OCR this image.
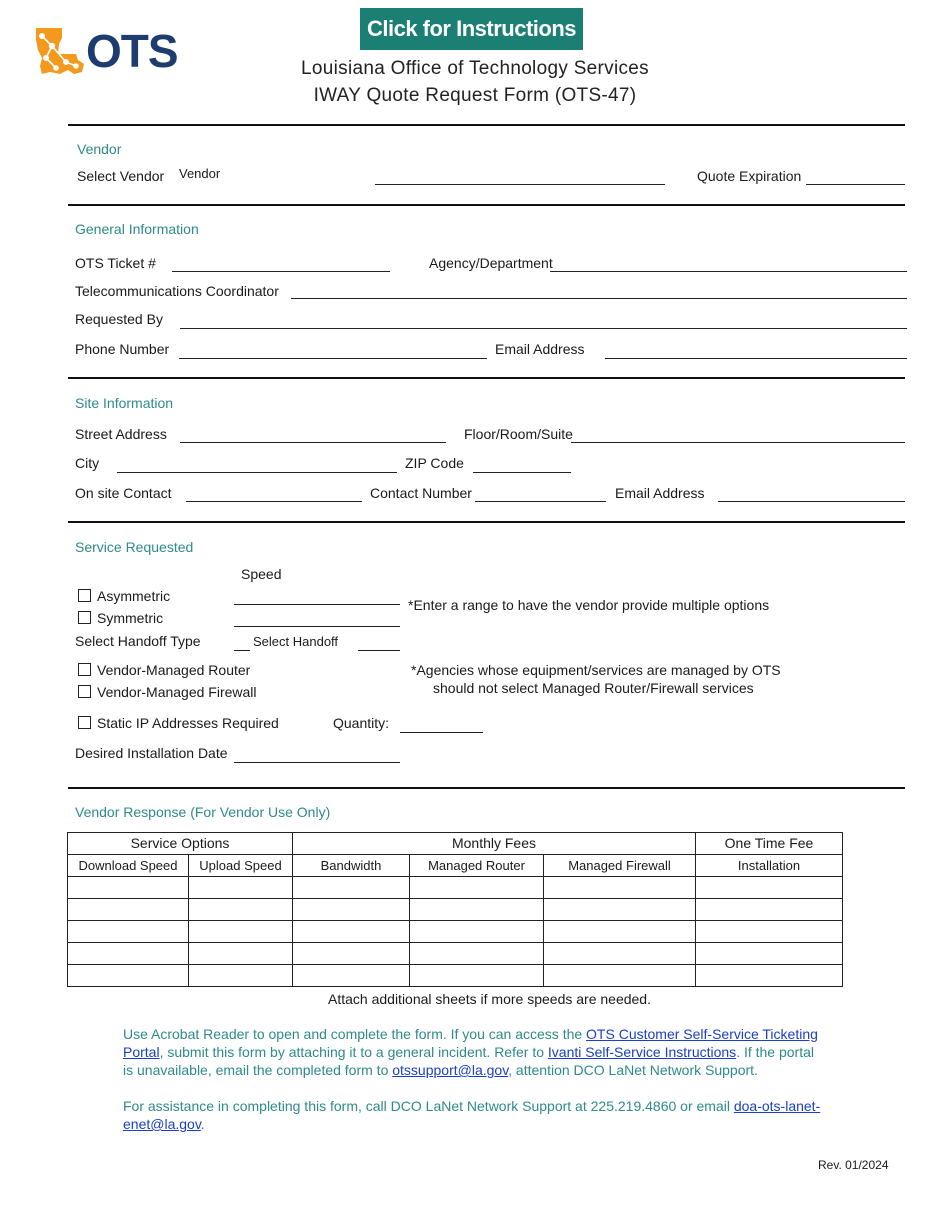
OTS	Click for Instructions
Louisiana Office of Technology Services
IWAY Quote Request Form (OTS-47)
Vendor
Select Vendor Vendor	Quote Expiration
General Information
OTS Ticket #	Agency/Department
Telecommunications Coordinator
Requested By
Phone Number	Email Address
Site Information
Street Address	Floor/Room/Suite
City	ZIP Code
On site Contact	Contact Number	Email Address
Service Requested
Speed
Asymmetric
Symmetric
*Enter a range to have the vendor provide multiple options
Select Handoff Type	Select Handoff
Vendor-Managed Router
Vendor-Managed Firewall
*Agencies whose equipment/services are managed by OTS
should not select Managed Router/Firewall services
Static IP Addresses Required	Quantity:
Desired Installation Date
Vendor Response (For Vendor Use Only)
Service Options		Monthly Fees			One Time Fee
Download Speed	Upload Speed	Bandwidth	Managed Router	Managed Firewall	Installation

Attach additional sheets if more speeds are needed.
Use Acrobat Reader to open and complete the form. If you can access the OTS Customer Self-Service Ticketing Portal, submit this form by attaching it to a general incident. Refer to Ivanti Self-Service Instructions. If the portal is unavailable, email the completed form to otssupport@la.gov, attention DCO LaNet Network Support.
For assistance in completing this form, call DCO LaNet Network Support at 225.219.4860 or email doa-ots-lanet-enet@la.gov.
Rev. 01/2024
